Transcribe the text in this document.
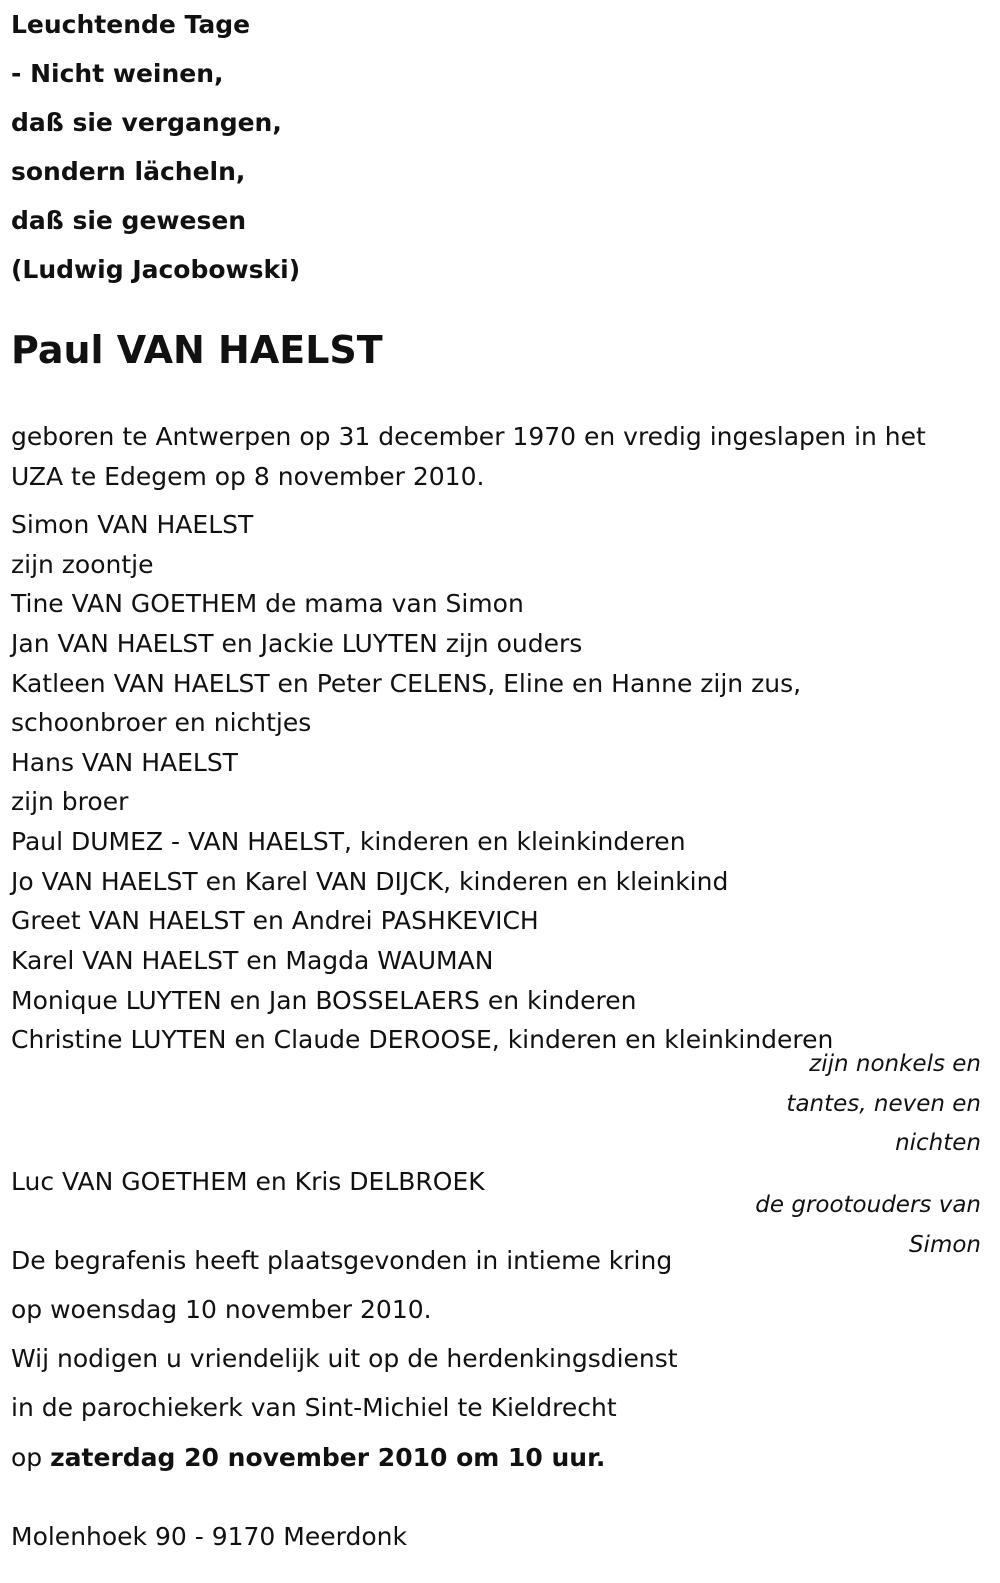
Leuchtende Tage
- Nicht weinen,
daß sie vergangen,
sondern lächeln,
daß sie gewesen
(Ludwig Jacobowski)
Paul VAN HAELST
geboren te Antwerpen op 31 december 1970 en vredig ingeslapen in het
UZA te Edegem op 8 november 2010.
Simon VAN HAELST
zijn zoontje
Tine VAN GOETHEM de mama van Simon
Jan VAN HAELST en Jackie LUYTEN zijn ouders
Katleen VAN HAELST en Peter CELENS, Eline en Hanne zijn zus,
schoonbroer en nichtjes
Hans VAN HAELST
zijn broer
Paul DUMEZ - VAN HAELST, kinderen en kleinkinderen
Jo VAN HAELST en Karel VAN DIJCK, kinderen en kleinkind
Greet VAN HAELST en Andrei PASHKEVICH
Karel VAN HAELST en Magda WAUMAN
Monique LUYTEN en Jan BOSSELAERS en kinderen
Christine LUYTEN en Claude DEROOSE, kinderen en kleinkinderen
zijn nonkels en
tantes, neven en
nichten
Luc VAN GOETHEM en Kris DELBROEK
de grootouders van
Simon
De begrafenis heeft plaatsgevonden in intieme kring
op woensdag 10 november 2010.
Wij nodigen u vriendelijk uit op de herdenkingsdienst
in de parochiekerk van Sint-Michiel te Kieldrecht
op zaterdag 20 november 2010 om 10 uur.
Molenhoek 90 - 9170 Meerdonk
